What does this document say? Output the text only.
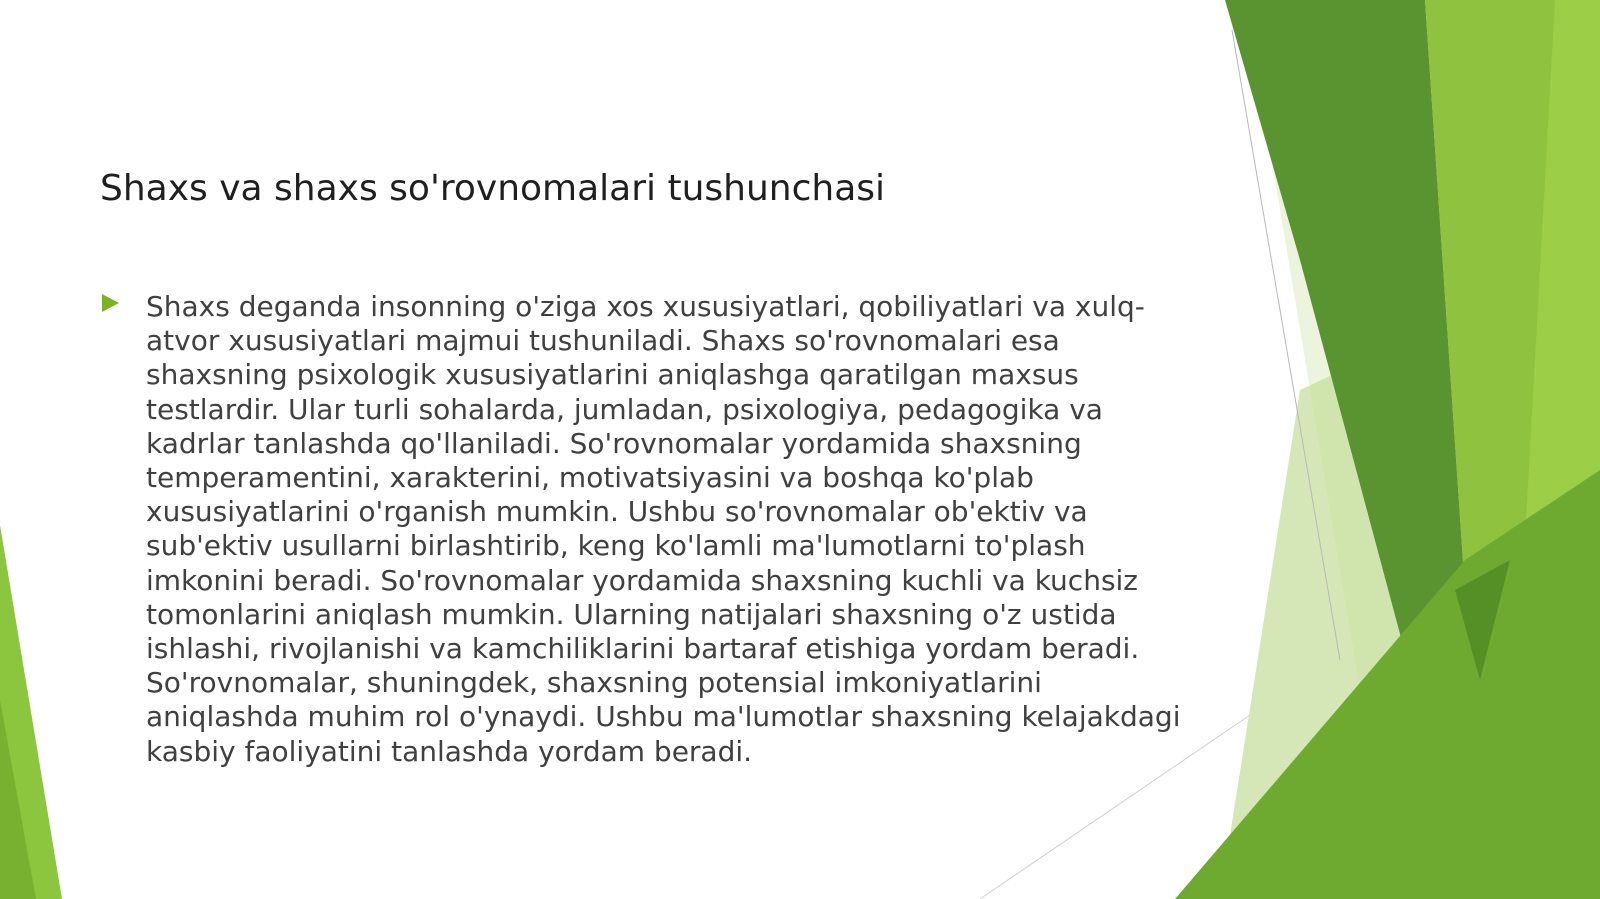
Shaxs va shaxs so'rovnomalari tushunchasi

Shaxs deganda insonning o'ziga xos xususiyatlari, qobiliyatlari va xulq-atvor xususiyatlari majmui tushuniladi. Shaxs so'rovnomalari esa shaxsning psixologik xususiyatlarini aniqlashga qaratilgan maxsus testlardir. Ular turli sohalarda, jumladan, psixologiya, pedagogika va kadrlar tanlashda qo'llaniladi. So'rovnomalar yordamida shaxsning temperamentini, xarakterini, motivatsiyasini va boshqa ko'plab xususiyatlarini o'rganish mumkin. Ushbu so'rovnomalar ob'ektiv va sub'ektiv usullarni birlashtirib, keng ko'lamli ma'lumotlarni to'plash imkonini beradi. So'rovnomalar yordamida shaxsning kuchli va kuchsiz tomonlarini aniqlash mumkin. Ularning natijalari shaxsning o'z ustida ishlashi, rivojlanishi va kamchiliklarini bartaraf etishiga yordam beradi. So'rovnomalar, shuningdek, shaxsning potensial imkoniyatlarini aniqlashda muhim rol o'ynaydi. Ushbu ma'lumotlar shaxsning kelajakdagi kasbiy faoliyatini tanlashda yordam beradi.
